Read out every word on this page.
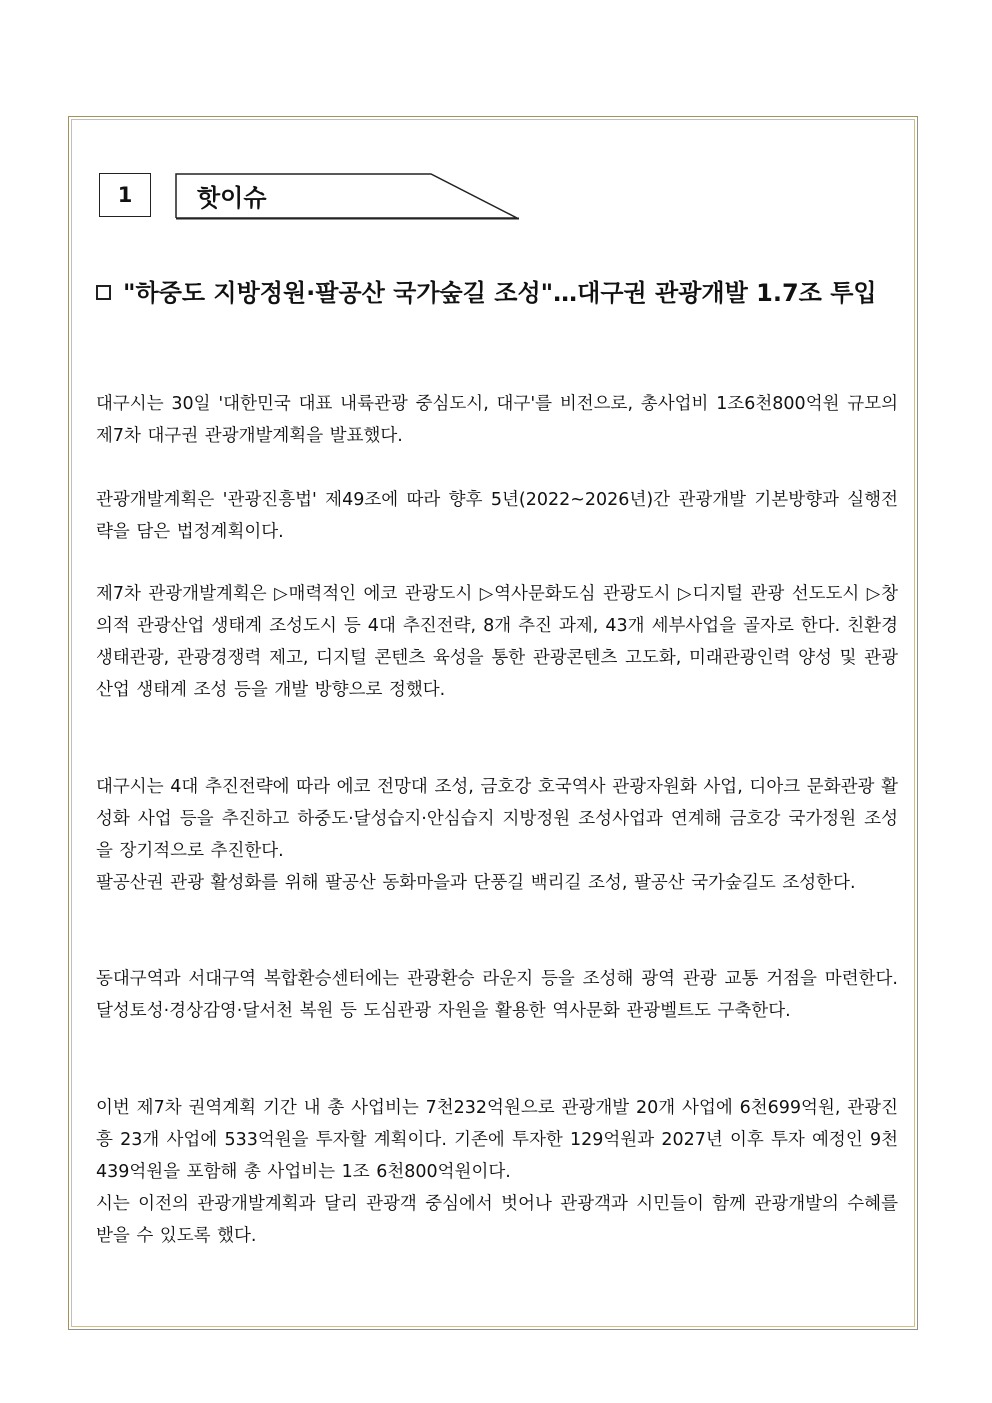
1	핫이슈

"하중도 지방정원·팔공산 국가숲길 조성"…대구권 관광개발 1.7조 투입

대구시는 30일 '대한민국 대표 내륙관광 중심도시, 대구'를 비전으로, 총사업비 1조6천800억원 규모의 제7차 대구권 관광개발계획을 발표했다.

관광개발계획은 '관광진흥법' 제49조에 따라 향후 5년(2022~2026년)간 관광개발 기본방향과 실행전략을 담은 법정계획이다.

제7차 관광개발계획은 ▷매력적인 에코 관광도시 ▷역사문화도심 관광도시 ▷디지털 관광 선도도시 ▷창의적 관광산업 생태계 조성도시 등 4대 추진전략, 8개 추진 과제, 43개 세부사업을 골자로 한다. 친환경 생태관광, 관광경쟁력 제고, 디지털 콘텐츠 육성을 통한 관광콘텐츠 고도화, 미래관광인력 양성 및 관광산업 생태계 조성 등을 개발 방향으로 정했다.

대구시는 4대 추진전략에 따라 에코 전망대 조성, 금호강 호국역사 관광자원화 사업, 디아크 문화관광 활성화 사업 등을 추진하고 하중도·달성습지·안심습지 지방정원 조성사업과 연계해 금호강 국가정원 조성을 장기적으로 추진한다.

팔공산권 관광 활성화를 위해 팔공산 동화마을과 단풍길 백리길 조성, 팔공산 국가숲길도 조성한다.

동대구역과 서대구역 복합환승센터에는 관광환승 라운지 등을 조성해 광역 관광 교통 거점을 마련한다. 달성토성·경상감영·달서천 복원 등 도심관광 자원을 활용한 역사문화 관광벨트도 구축한다.

이번 제7차 권역계획 기간 내 총 사업비는 7천232억원으로 관광개발 20개 사업에 6천699억원, 관광진흥 23개 사업에 533억원을 투자할 계획이다. 기존에 투자한 129억원과 2027년 이후 투자 예정인 9천439억원을 포함해 총 사업비는 1조 6천800억원이다.

시는 이전의 관광개발계획과 달리 관광객 중심에서 벗어나 관광객과 시민들이 함께 관광개발의 수혜를 받을 수 있도록 했다.
